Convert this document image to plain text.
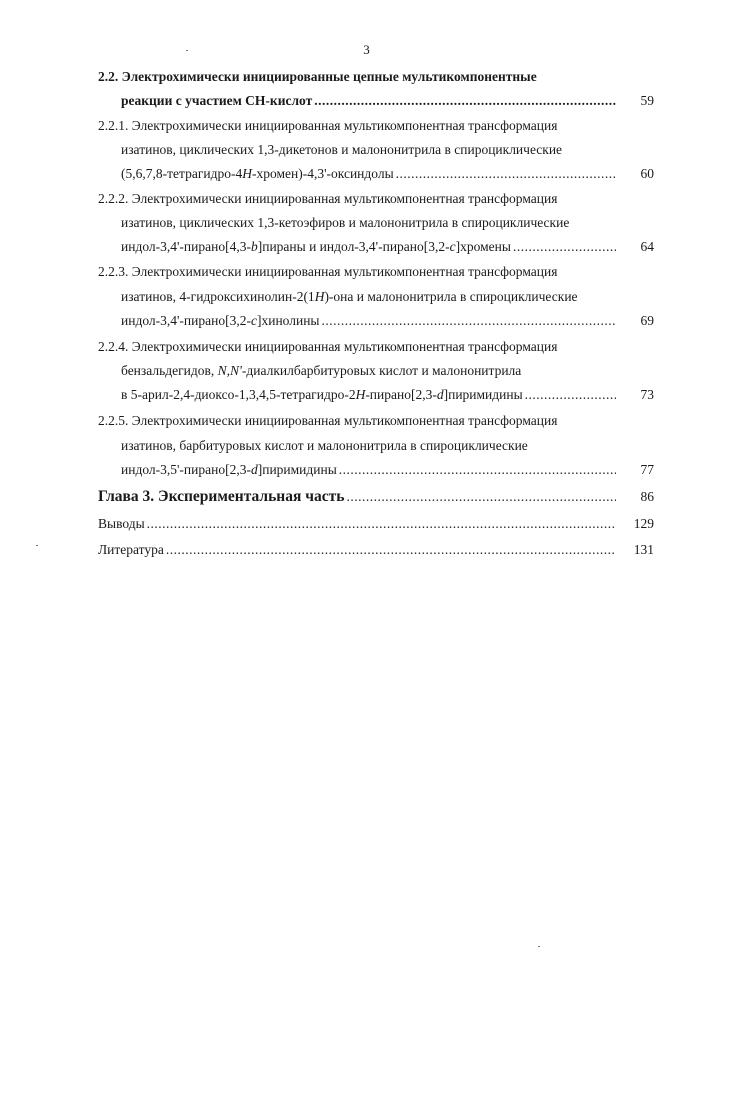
3
2.2. Электрохимически инициированные цепные мультикомпонентные
реакции с участием CH-кислот .....	59
2.2.1. Электрохимически инициированная мультикомпонентная трансформация
изатинов, циклических 1,3-дикетонов и малононитрила в спироциклические
(5,6,7,8-тетрагидро-4H-хромен)-4,3'-оксиндолы .....	60
2.2.2. Электрохимически инициированная мультикомпонентная трансформация
изатинов, циклических 1,3-кетоэфиров и малононитрила в спироциклические
индол-3,4'-пирано[4,3-b]пираны и индол-3,4'-пирано[3,2-c]хромены .....	64
2.2.3. Электрохимически инициированная мультикомпонентная трансформация
изатинов, 4-гидроксихинолин-2(1H)-она и малононитрила в спироциклические
индол-3,4'-пирано[3,2-c]хинолины .....	69
2.2.4. Электрохимически инициированная мультикомпонентная трансформация
бензальдегидов, N,N'-диалкилбарбитуровых кислот и малононитрила
в 5-арил-2,4-диоксо-1,3,4,5-тетрагидро-2H-пирано[2,3-d]пиримидины .....	73
2.2.5. Электрохимически инициированная мультикомпонентная трансформация
изатинов, барбитуровых кислот и малононитрила в спироциклические
индол-3,5'-пирано[2,3-d]пиримидины .....	77
Глава 3. Экспериментальная часть .....	86
Выводы .....	129
Литература .....	131
